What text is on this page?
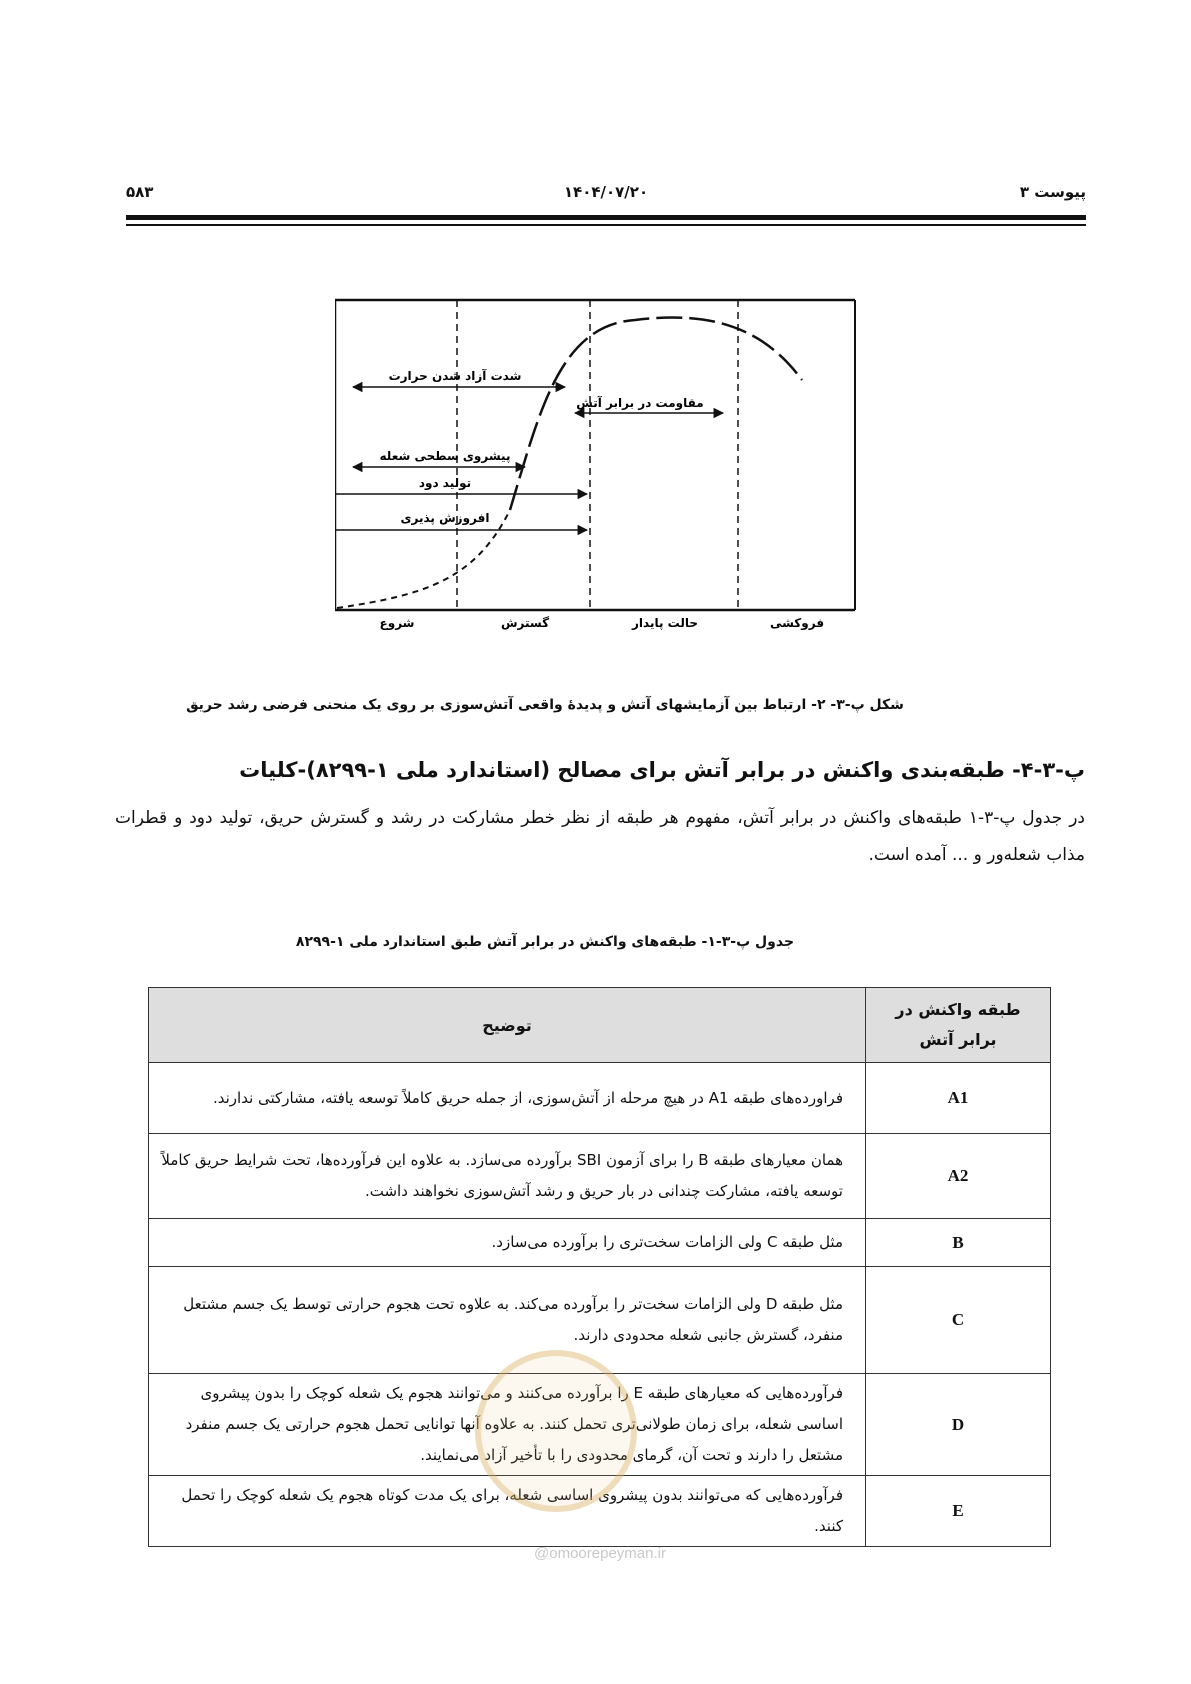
پیوست ۳
۱۴۰۴/۰۷/۲۰
۵۸۳
شدت آزاد شدن حرارت
مقاومت در برابر آتش
پیشروی سطحی شعله
تولید دود
افروزش پذیری
شروع	گسترش	حالت پایدار	فروکشی
شکل پ-۳- ۲- ارتباط بین آزمایشهای آتش و پدیدهٔ واقعی آتش‌سوزی بر روی یک منحنی فرضی رشد حریق
پ-۳-۴- طبقه‌بندی واکنش در برابر آتش برای مصالح (استاندارد ملی ۱-۸۲۹۹)-کلیات
در جدول پ-۳-۱ طبقه‌های واکنش در برابر آتش، مفهوم هر طبقه از نظر خطر مشارکت در رشد و گسترش حریق، تولید دود و قطرات مذاب شعله‌ور و ... آمده است.
جدول پ-۳-۱- طبقه‌های واکنش در برابر آتش طبق استاندارد ملی ۱-۸۲۹۹
طبقه واکنش در برابر آتش	توضیح
A1	فراورده‌های طبقه A1 در هیچ مرحله از آتش‌سوزی، از جمله حریق کاملاً توسعه یافته، مشارکتی ندارند.
A2	همان معیارهای طبقه B را برای آزمون SBI برآورده می‌سازد. به علاوه این فرآورده‌ها، تحت شرایط حریق کاملاً توسعه یافته، مشارکت چندانی در بار حریق و رشد آتش‌سوزی نخواهند داشت.
B	مثل طبقه C ولی الزامات سخت‌تری را برآورده می‌سازد.
C	مثل طبقه D ولی الزامات سخت‌تر را برآورده می‌کند. به علاوه تحت هجوم حرارتی توسط یک جسم مشتعل منفرد، گسترش جانبی شعله محدودی دارند.
D	فرآورده‌هایی که معیارهای طبقه E را برآورده می‌کنند و می‌توانند هجوم یک شعله کوچک را بدون پیشروی اساسی شعله، برای زمان طولانی‌تری تحمل کنند. به علاوه آنها توانایی تحمل هجوم حرارتی یک جسم منفرد مشتعل را دارند و تحت آن، گرمای محدودی را با تأخیر آزاد می‌نمایند.
E	فرآورده‌هایی که می‌توانند بدون پیشروی اساسی شعله، برای یک مدت کوتاه هجوم یک شعله کوچک را تحمل کنند.
@omoorepeyman.ir
